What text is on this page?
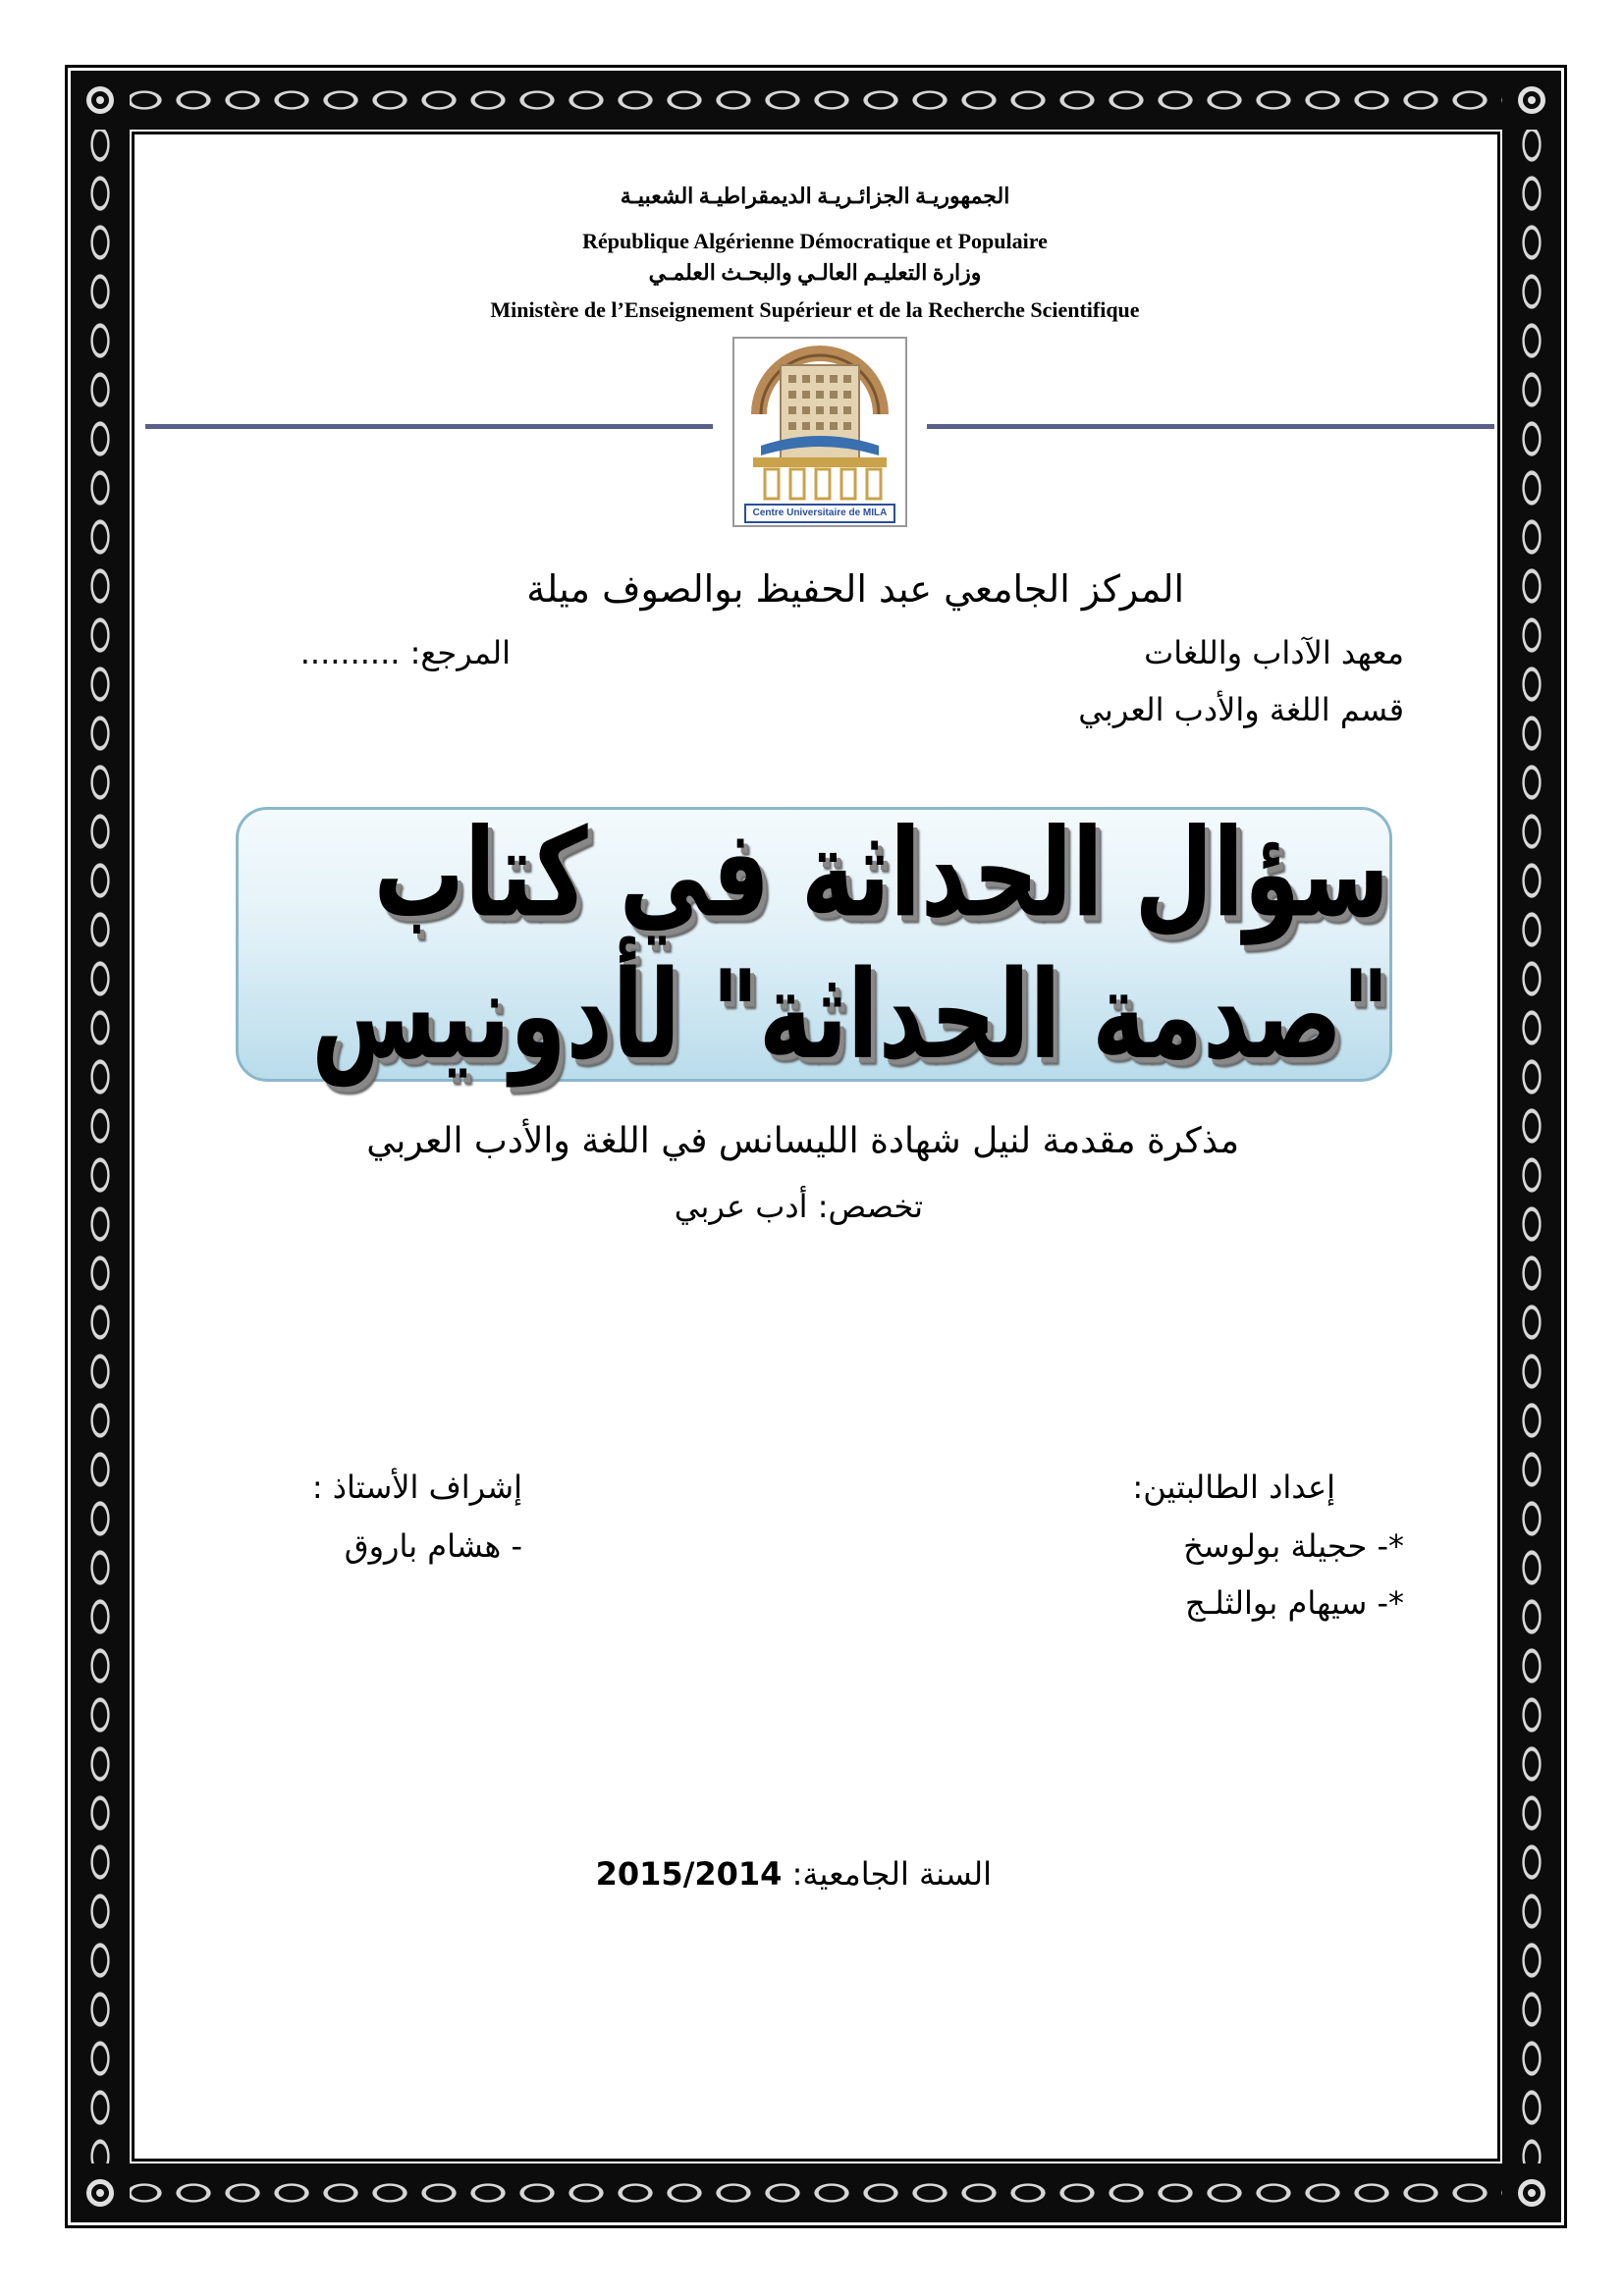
الجمهوريـة الجزائـريـة الديمقراطيـة الشعبيـة
République Algérienne Démocratique et Populaire
وزارة التعليـم العالـي والبحـث العلمـي
Ministère de l’Enseignement Supérieur et de la Recherche Scientifique
Centre Universitaire de MILA
المركز الجامعي عبد الحفيظ بوالصوف ميلة
معهد الآداب واللغات
المرجع: ..........
قسم اللغة والأدب العربي
سؤال الحداثة في كتاب "صدمة الحداثة" لأدونيس
مذكرة مقدمة لنيل شهادة الليسانس في اللغة والأدب العربي
تخصص: أدب عربي
إعداد الطالبتين:
*- حجيلة بولوسخ
*- سيهام بوالثلـج
إشراف الأستاذ :
- هشام باروق
السنة الجامعية: 2015/2014
